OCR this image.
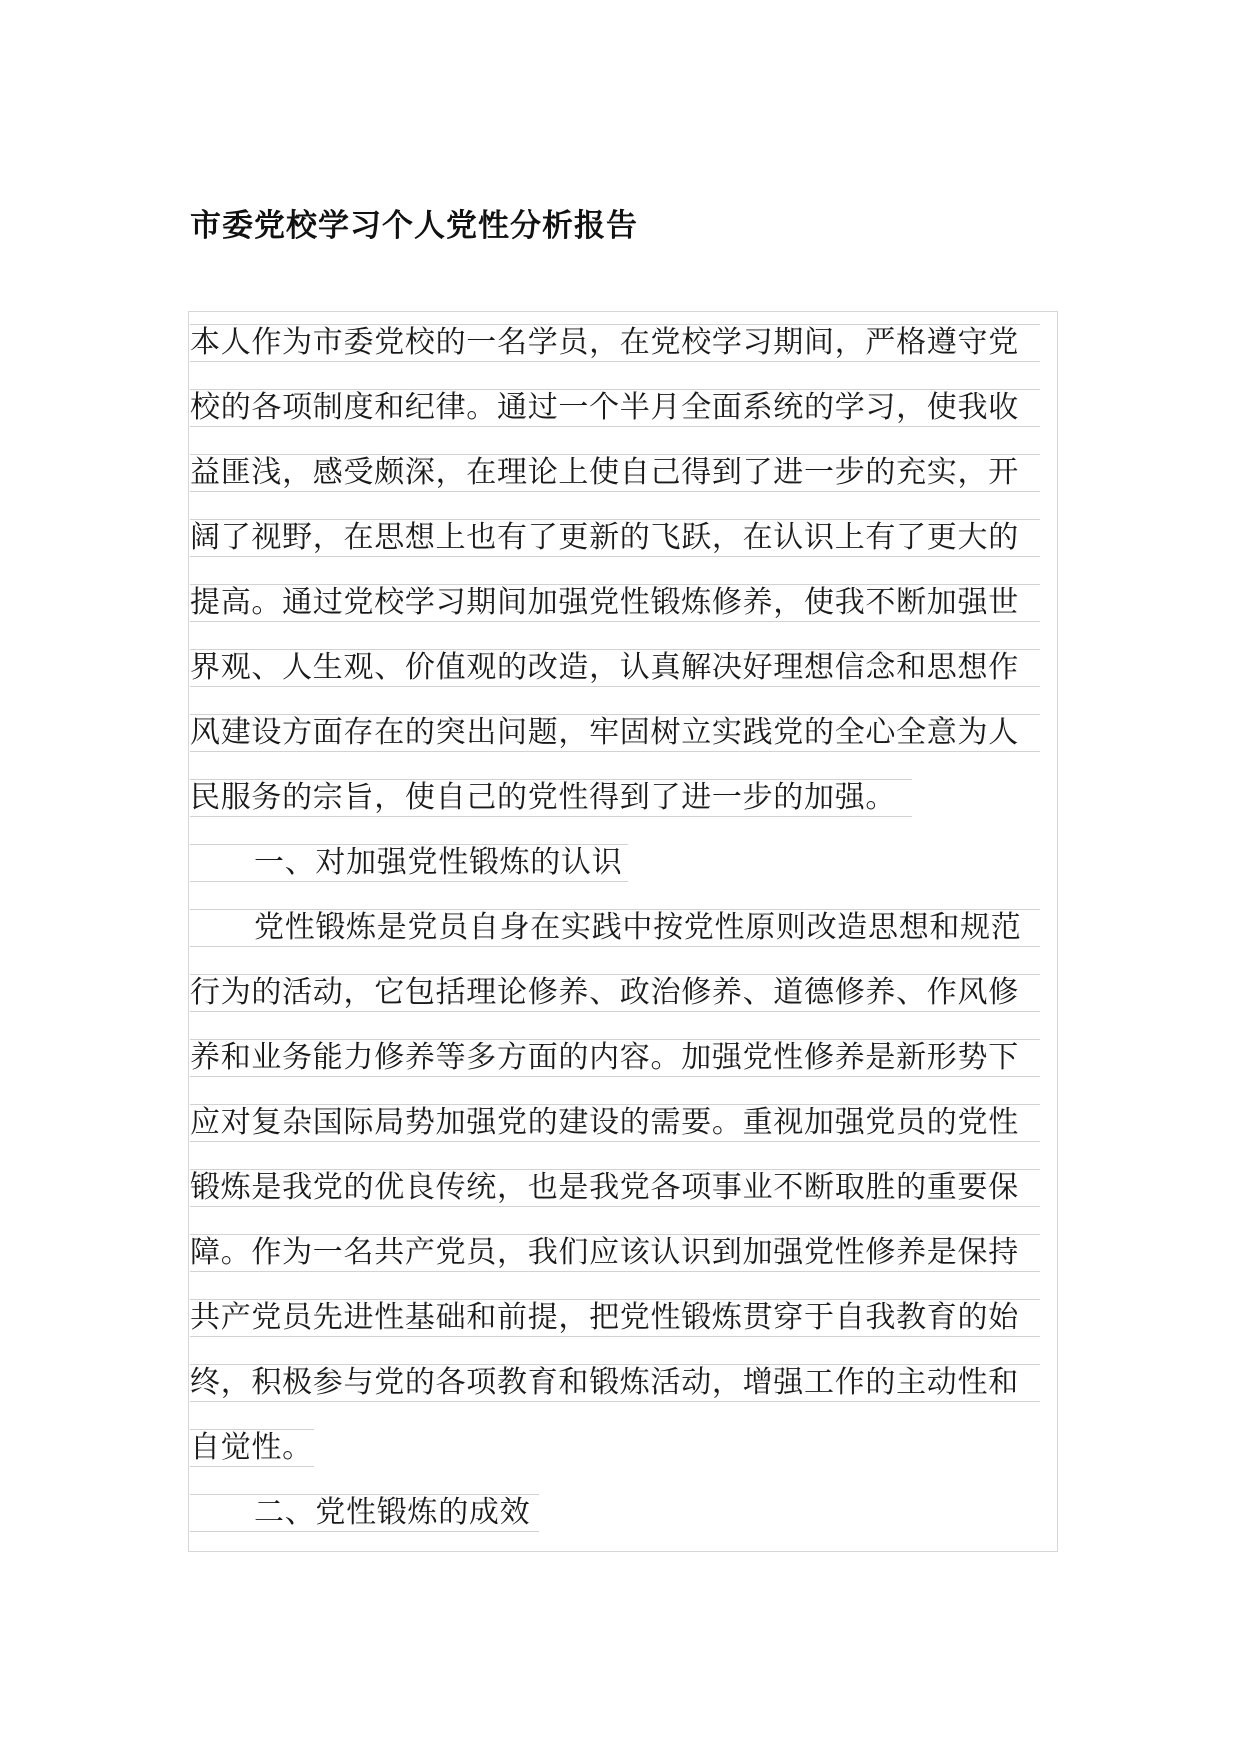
市委党校学习个人党性分析报告
本人作为市委党校的一名学员，在党校学习期间，严格遵守党
校的各项制度和纪律。通过一个半月全面系统的学习，使我收
益匪浅，感受颇深，在理论上使自己得到了进一步的充实，开
阔了视野，在思想上也有了更新的飞跃，在认识上有了更大的
提高。通过党校学习期间加强党性锻炼修养，使我不断加强世
界观、人生观、价值观的改造，认真解决好理想信念和思想作
风建设方面存在的突出问题，牢固树立实践党的全心全意为人
民服务的宗旨，使自己的党性得到了进一步的加强。
一、对加强党性锻炼的认识
党性锻炼是党员自身在实践中按党性原则改造思想和规范
行为的活动，它包括理论修养、政治修养、道德修养、作风修
养和业务能力修养等多方面的内容。加强党性修养是新形势下
应对复杂国际局势加强党的建设的需要。重视加强党员的党性
锻炼是我党的优良传统，也是我党各项事业不断取胜的重要保
障。作为一名共产党员，我们应该认识到加强党性修养是保持
共产党员先进性基础和前提，把党性锻炼贯穿于自我教育的始
终，积极参与党的各项教育和锻炼活动，增强工作的主动性和
自觉性。
二、党性锻炼的成效
